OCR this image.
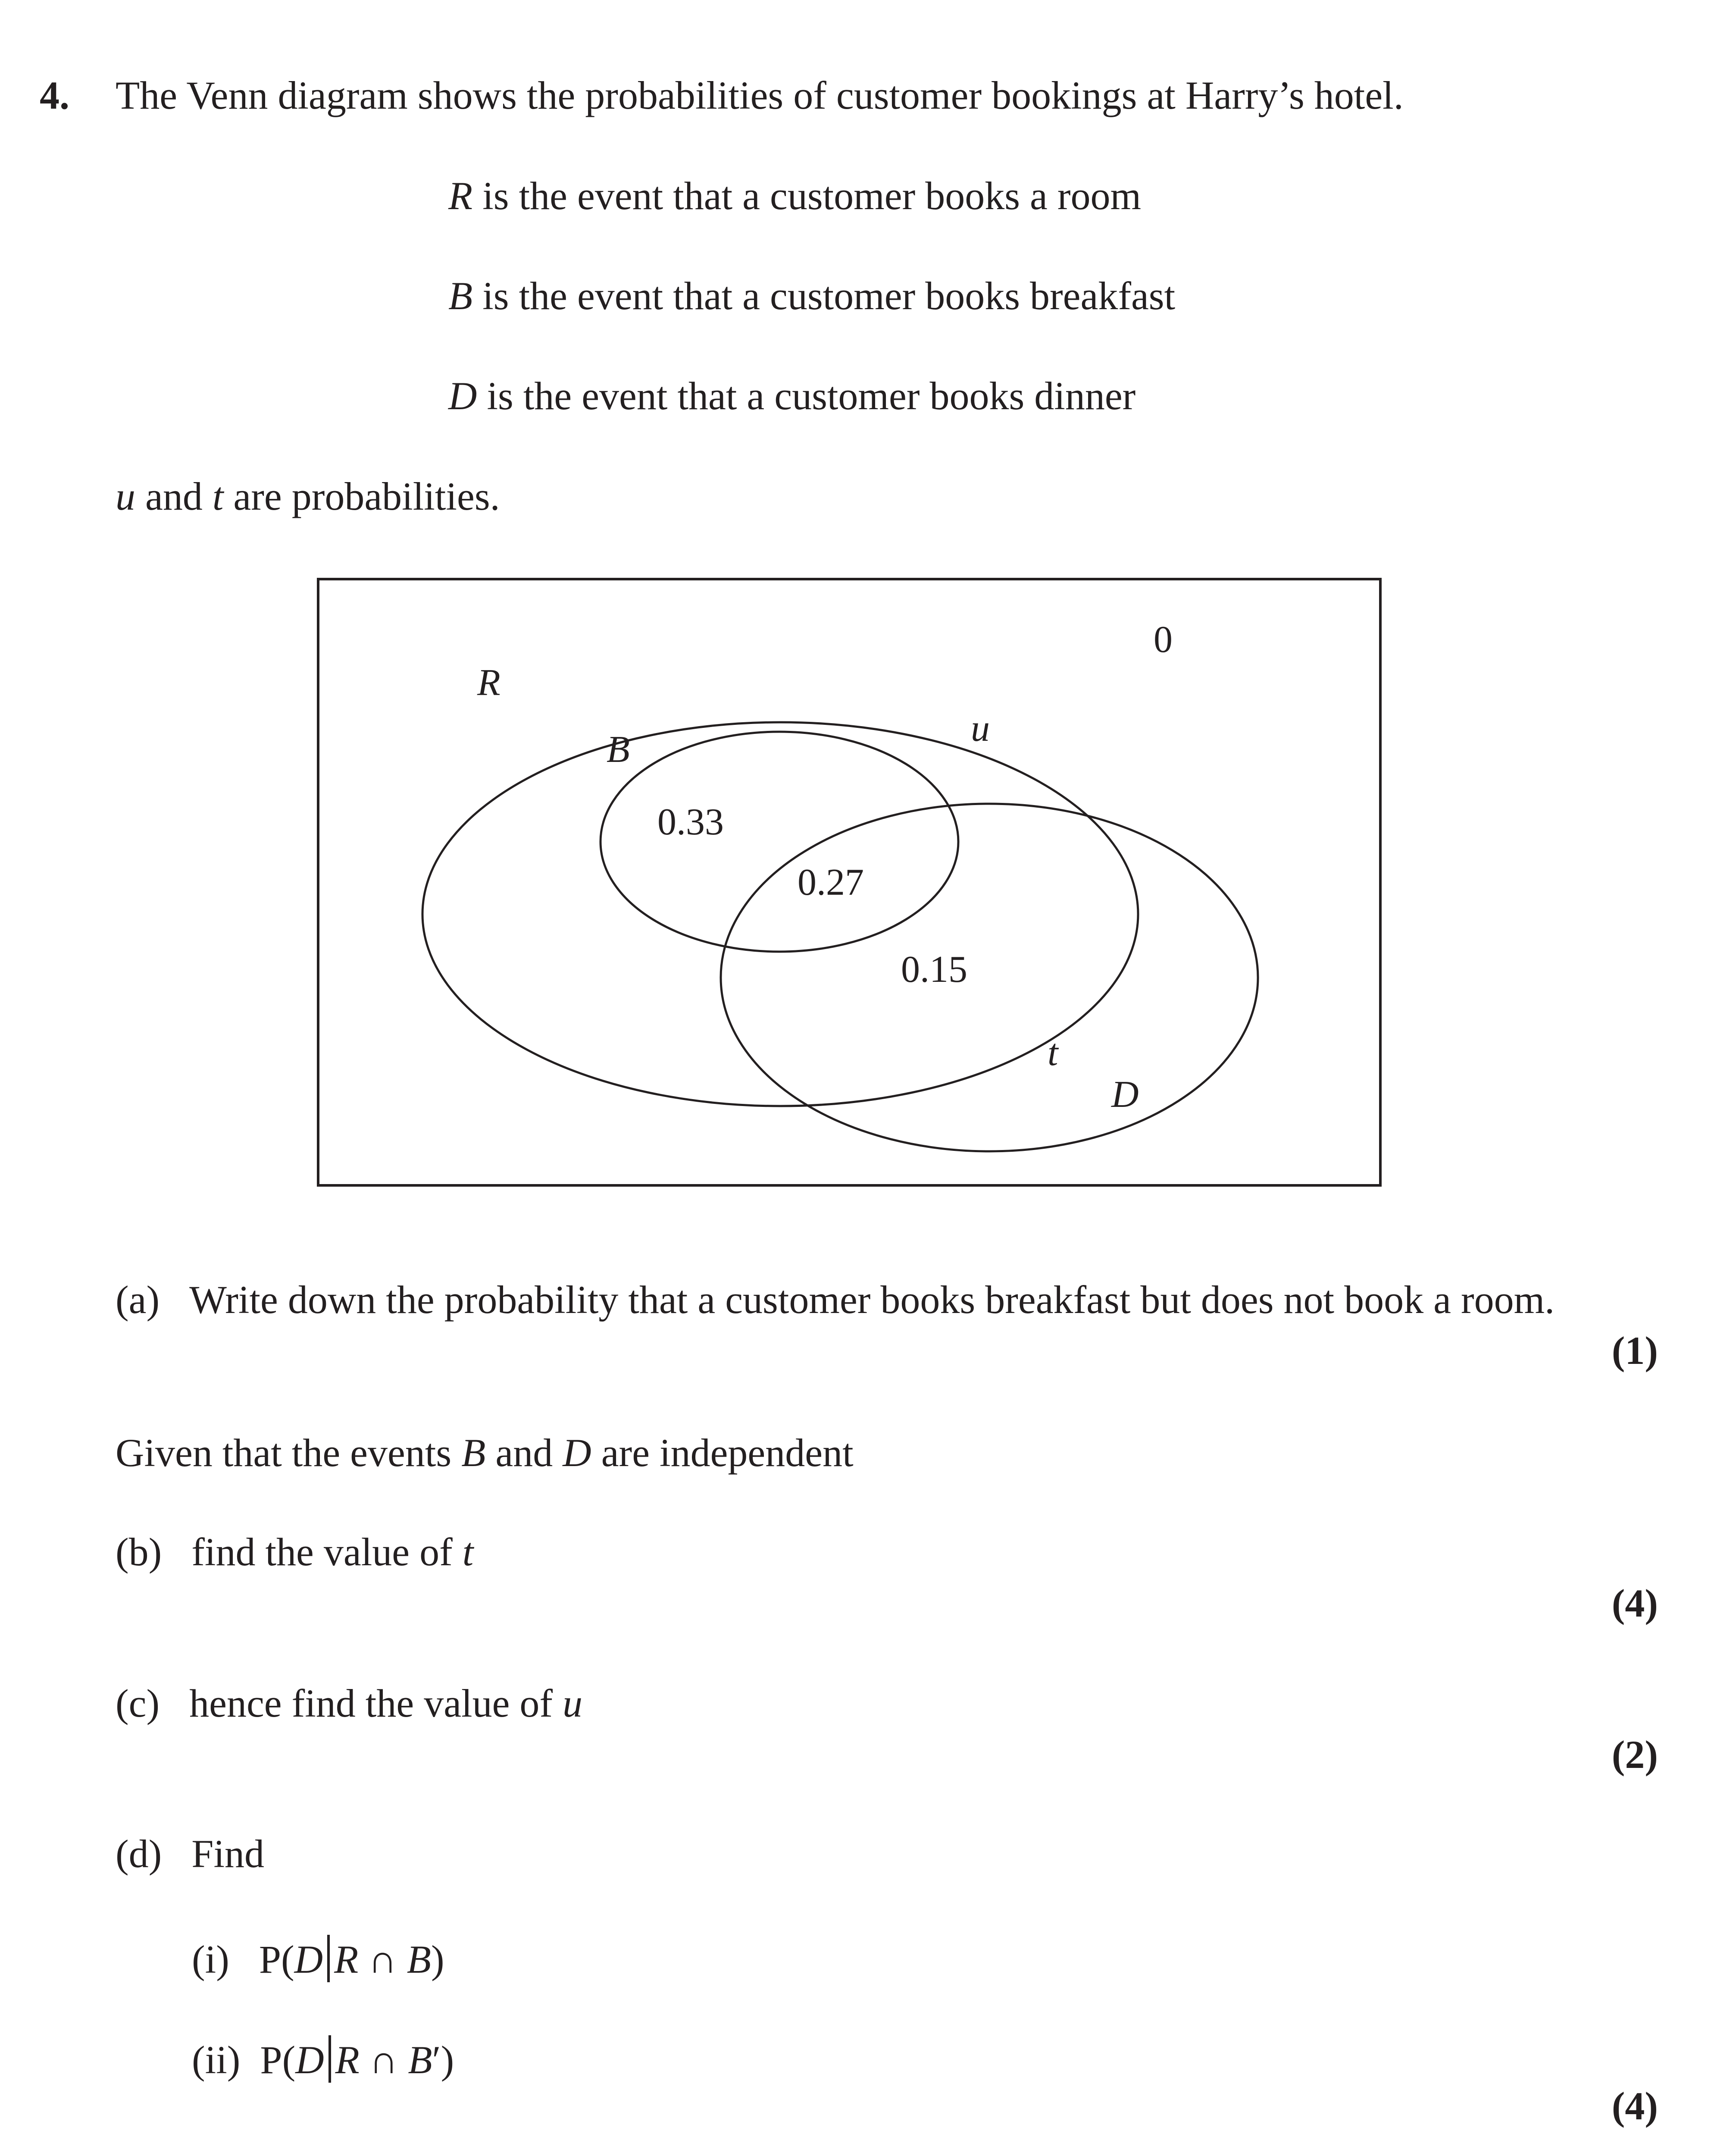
4. The Venn diagram shows the probabilities of customer bookings at Harry’s hotel.
R is the event that a customer books a room
B is the event that a customer books breakfast
D is the event that a customer books dinner
u and t are probabilities.
R
B
u
t
D
0
0.33
0.27
0.15
(a) Write down the probability that a customer books breakfast but does not book a room.
(1)
Given that the events B and D are independent
(b) find the value of t
(4)
(c) hence find the value of u
(2)
(d) Find
(i) P(D R ∩ B)
(ii) P(D R ∩ B′)
(4)
